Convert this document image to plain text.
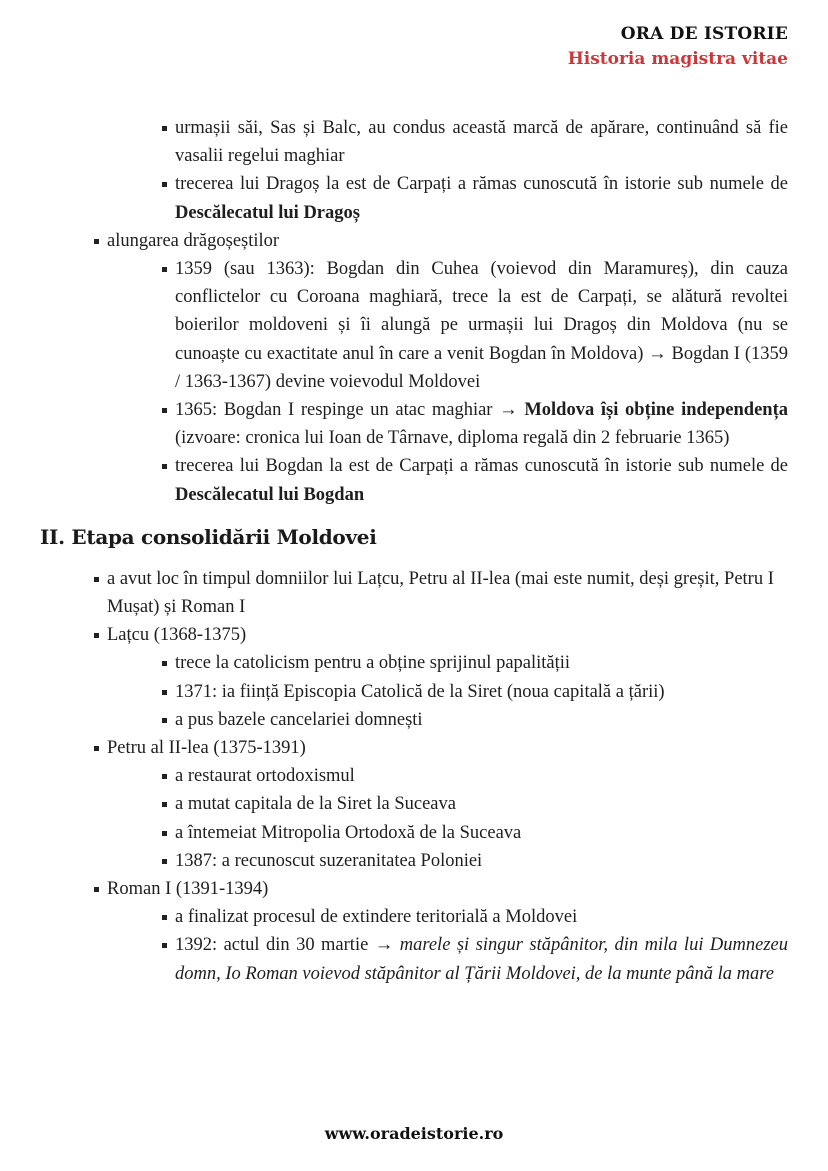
ORA DE ISTORIE
Historia magistra vitae
urmașii săi, Sas și Balc, au condus această marcă de apărare, continuând să fie vasalii regelui maghiar
trecerea lui Dragoș la est de Carpați a rămas cunoscută în istorie sub numele de Descălecatul lui Dragoș
alungarea drăgoșeștilor
1359 (sau 1363): Bogdan din Cuhea (voievod din Maramureș), din cauza conflictelor cu Coroana maghiară, trece la est de Carpați, se alătură revoltei boierilor moldoveni și îi alungă pe urmașii lui Dragoș din Moldova (nu se cunoaște cu exactitate anul în care a venit Bogdan în Moldova) → Bogdan I (1359 / 1363-1367) devine voievodul Moldovei
1365: Bogdan I respinge un atac maghiar → Moldova își obține independența (izvoare: cronica lui Ioan de Târnave, diploma regală din 2 februarie 1365)
trecerea lui Bogdan la est de Carpați a rămas cunoscută în istorie sub numele de Descălecatul lui Bogdan
II. Etapa consolidării Moldovei
a avut loc în timpul domniilor lui Lațcu, Petru al II-lea (mai este numit, deși greșit, Petru I Mușat) și Roman I
Lațcu (1368-1375)
trece la catolicism pentru a obține sprijinul papalității
1371: ia ființă Episcopia Catolică de la Siret (noua capitală a țării)
a pus bazele cancelariei domnești
Petru al II-lea (1375-1391)
a restaurat ortodoxismul
a mutat capitala de la Siret la Suceava
a întemeiat Mitropolia Ortodoxă de la Suceava
1387: a recunoscut suzeranitatea Poloniei
Roman I (1391-1394)
a finalizat procesul de extindere teritorială a Moldovei
1392: actul din 30 martie → marele și singur stăpânitor, din mila lui Dumnezeu domn, Io Roman voievod stăpânitor al Țării Moldovei, de la munte până la mare
www.oradeistorie.ro
